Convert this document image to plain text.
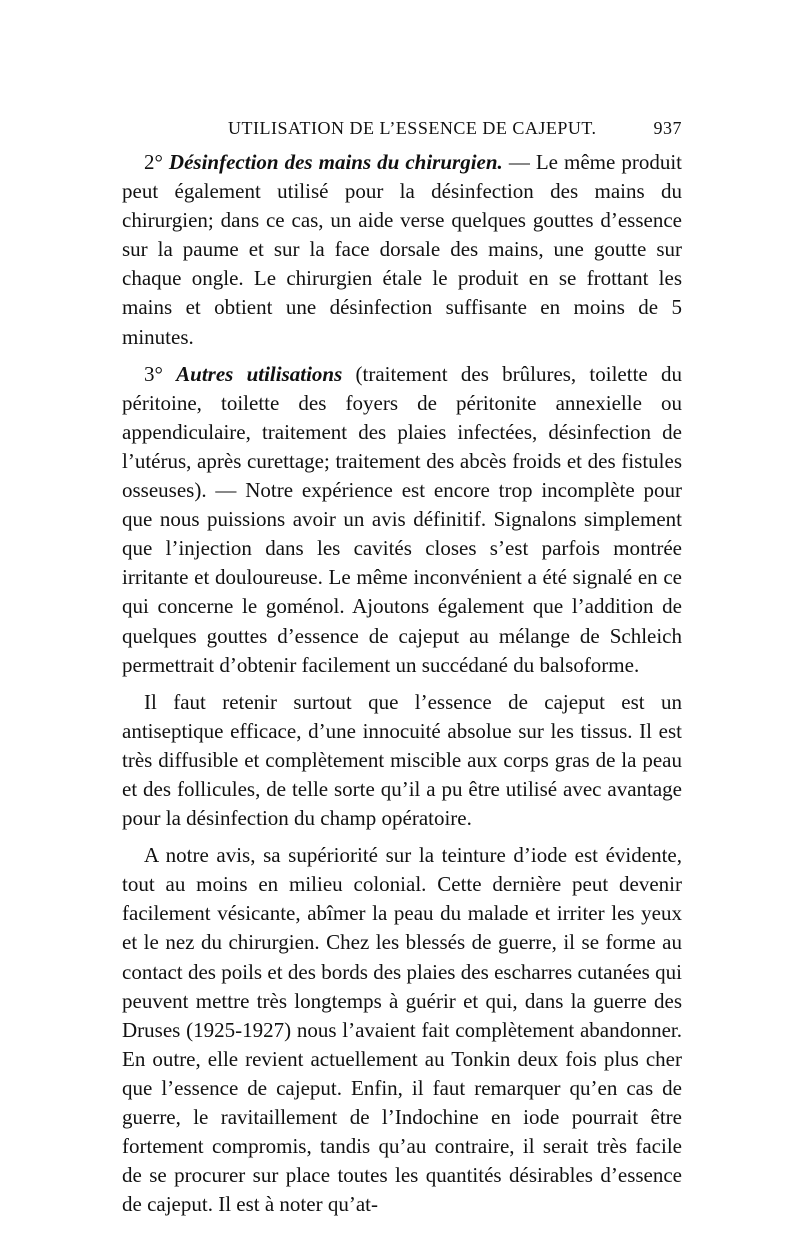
UTILISATION DE L’ESSENCE DE CAJEPUT.	937

2° Désinfection des mains du chirurgien. — Le même produit peut également utilisé pour la désinfection des mains du chirurgien; dans ce cas, un aide verse quelques gouttes d’essence sur la paume et sur la face dorsale des mains, une goutte sur chaque ongle. Le chirurgien étale le produit en se frottant les mains et obtient une désinfection suffisante en moins de 5 minutes.

3° Autres utilisations (traitement des brûlures, toilette du péritoine, toilette des foyers de péritonite annexielle ou appendiculaire, traitement des plaies infectées, désinfection de l’utérus, après curettage; traitement des abcès froids et des fistules osseuses). — Notre expérience est encore trop incomplète pour que nous puissions avoir un avis définitif. Signalons simplement que l’injection dans les cavités closes s’est parfois montrée irritante et douloureuse. Le même inconvénient a été signalé en ce qui concerne le goménol. Ajoutons également que l’addition de quelques gouttes d’essence de cajeput au mélange de Schleich permettrait d’obtenir facilement un succédané du balsoforme.

Il faut retenir surtout que l’essence de cajeput est un antiseptique efficace, d’une innocuité absolue sur les tissus. Il est très diffusible et complètement miscible aux corps gras de la peau et des follicules, de telle sorte qu’il a pu être utilisé avec avantage pour la désinfection du champ opératoire.

A notre avis, sa supériorité sur la teinture d’iode est évidente, tout au moins en milieu colonial. Cette dernière peut devenir facilement vésicante, abîmer la peau du malade et irriter les yeux et le nez du chirurgien. Chez les blessés de guerre, il se forme au contact des poils et des bords des plaies des escharres cutanées qui peuvent mettre très longtemps à guérir et qui, dans la guerre des Druses (1925-1927) nous l’avaient fait complètement abandonner. En outre, elle revient actuellement au Tonkin deux fois plus cher que l’essence de cajeput. Enfin, il faut remarquer qu’en cas de guerre, le ravitaillement de l’Indochine en iode pourrait être fortement compromis, tandis qu’au contraire, il serait très facile de se procurer sur place toutes les quantités désirables d’essence de cajeput. Il est à noter qu’at-
